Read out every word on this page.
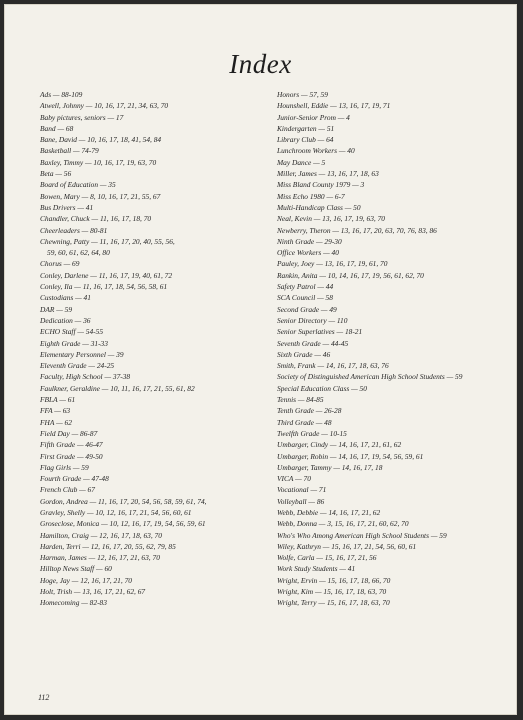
Index
Ads — 88-109
Atwell, Johnny — 10, 16, 17, 21, 34, 63, 70
Baby pictures, seniors — 17
Band — 68
Bane, David — 10, 16, 17, 18, 41, 54, 84
Basketball — 74-79
Baxley, Timmy — 10, 16, 17, 19, 63, 70
Beta — 56
Board of Education — 35
Bowen, Mary — 8, 10, 16, 17, 21, 55, 67
Bus Drivers — 41
Chandler, Chuck — 11, 16, 17, 18, 70
Cheerleaders — 80-81
Chewning, Patty — 11, 16, 17, 20, 40, 55, 56,
59, 60, 61, 62, 64, 80
Chorus — 69
Conley, Darlene — 11, 16, 17, 19, 40, 61, 72
Conley, Ila — 11, 16, 17, 18, 54, 56, 58, 61
Custodians — 41
DAR — 59
Dedication — 36
ECHO Staff — 54-55
Eighth Grade — 31-33
Elementary Personnel — 39
Eleventh Grade — 24-25
Faculty, High School — 37-38
Faulkner, Geraldine — 10, 11, 16, 17, 21, 55, 61, 82
FBLA — 61
FFA — 63
FHA — 62
Field Day — 86-87
Fifth Grade — 46-47
First Grade — 49-50
Flag Girls — 59
Fourth Grade — 47-48
French Club — 67
Gordon, Andrea — 11, 16, 17, 20, 54, 56, 58, 59, 61, 74,
Gravley, Shelly — 10, 12, 16, 17, 21, 54, 56, 60, 61
Groseclose, Monica — 10, 12, 16, 17, 19, 54, 56, 59, 61
Hamilton, Craig — 12, 16, 17, 18, 63, 70
Harden, Terri — 12, 16, 17, 20, 55, 62, 79, 85
Harman, James — 12, 16, 17, 21, 63, 70
Hilltop News Staff — 60
Hoge, Jay — 12, 16, 17, 21, 70
Holt, Trish — 13, 16, 17, 21, 62, 67
Homecoming — 82-83
Honors — 57, 59
Hounshell, Eddie — 13, 16, 17, 19, 71
Junior-Senior Prom — 4
Kindergarten — 51
Library Club — 64
Lunchroom Workers — 40
May Dance — 5
Miller, James — 13, 16, 17, 18, 63
Miss Bland County 1979 — 3
Miss Echo 1980 — 6-7
Multi-Handicap Class — 50
Neal, Kevin — 13, 16, 17, 19, 63, 70
Newberry, Theron — 13, 16, 17, 20, 63, 70, 76, 83, 86
Ninth Grade — 29-30
Office Workers — 40
Pauley, Joey — 13, 16, 17, 19, 61, 70
Rankin, Anita — 10, 14, 16, 17, 19, 56, 61, 62, 70
Safety Patrol — 44
SCA Council — 58
Second Grade — 49
Senior Directory — 110
Senior Superlatives — 18-21
Seventh Grade — 44-45
Sixth Grade — 46
Smith, Frank — 14, 16, 17, 18, 63, 76
Society of Distinguished American High School Students — 59
Special Education Class — 50
Tennis — 84-85
Tenth Grade — 26-28
Third Grade — 48
Twelfth Grade — 10-15
Umbarger, Cindy — 14, 16, 17, 21, 61, 62
Umbarger, Robin — 14, 16, 17, 19, 54, 56, 59, 61
Umbarger, Tammy — 14, 16, 17, 18
VICA — 70
Vocational — 71
Volleyball — 86
Webb, Debbie — 14, 16, 17, 21, 62
Webb, Donna — 3, 15, 16, 17, 21, 60, 62, 70
Who's Who Among American High School Students — 59
Wiley, Kathryn — 15, 16, 17, 21, 54, 56, 60, 61
Wolfe, Carla — 15, 16, 17, 21, 56
Work Study Students — 41
Wright, Ervin — 15, 16, 17, 18, 66, 70
Wright, Kim — 15, 16, 17, 18, 63, 70
Wright, Terry — 15, 16, 17, 18, 63, 70
112
